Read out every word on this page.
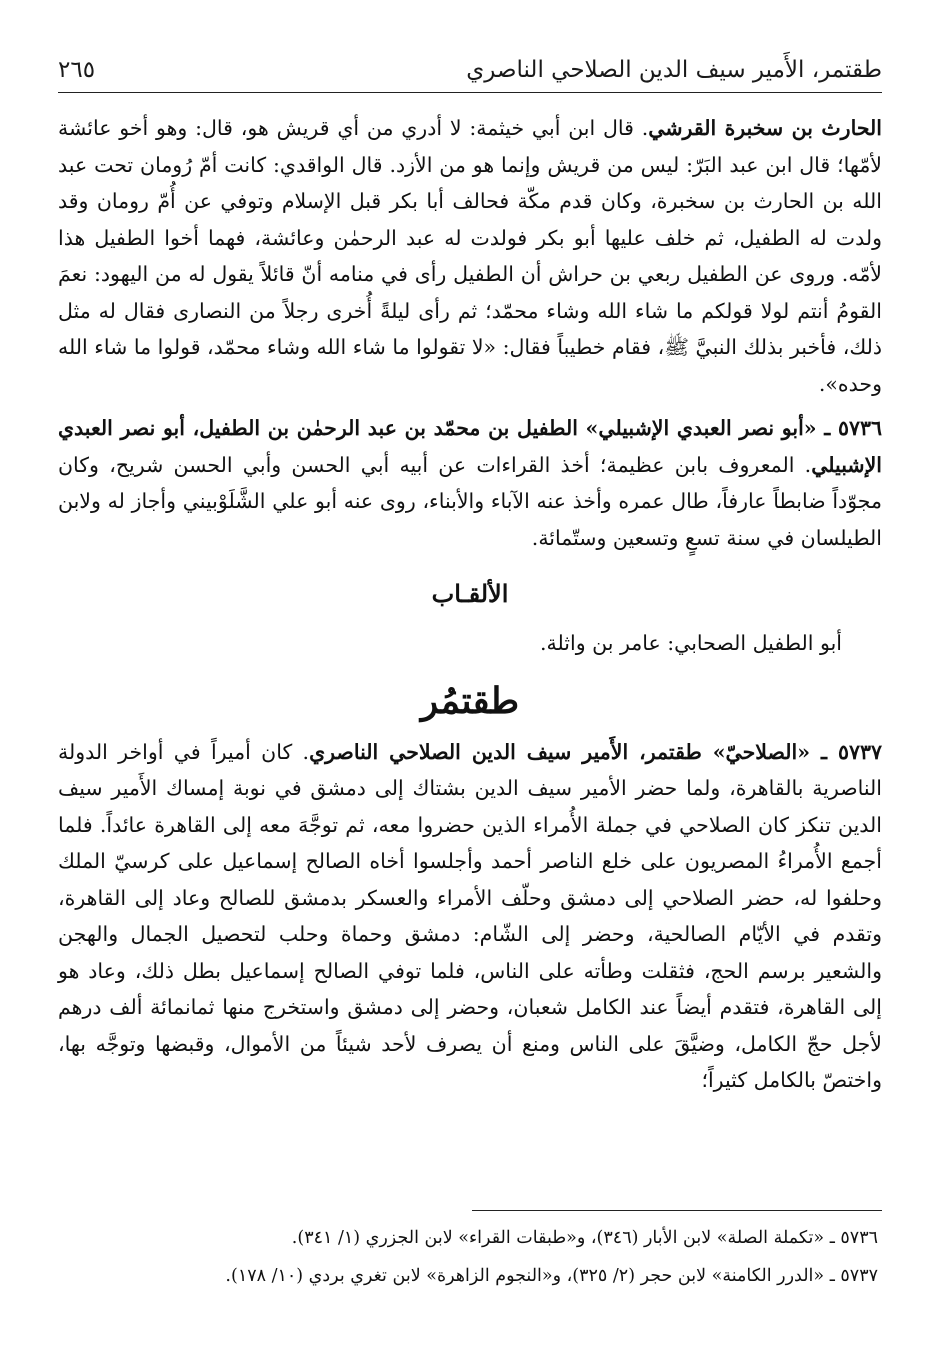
طقتمر، الأَمير سيف الدين الصلاحي الناصري
٢٦٥

الحارث بن سخبرة القرشي. قال ابن أبي خيثمة: لا أدري من أي قريش هو، قال: وهو أخو عائشة لأمّها؛ قال ابن عبد البَرّ: ليس من قريش وإنما هو من الأزد. قال الواقدي: كانت أمّ رُومان تحت عبد الله بن الحارث بن سخبرة، وكان قدم مكّة فحالف أبا بكر قبل الإسلام وتوفي عن أُمّ رومان وقد ولدت له الطفيل، ثم خلف عليها أبو بكر فولدت له عبد الرحمٰن وعائشة، فهما أخوا الطفيل هذا لأمّه. وروى عن الطفيل ربعي بن حراش أن الطفيل رأى في منامه أنّ قائلاً يقول له من اليهود: نعمَ القومُ أنتم لولا قولكم ما شاء الله وشاء محمّد؛ ثم رأى ليلةً أُخرى رجلاً من النصارى فقال له مثل ذلك، فأخبر بذلك النبيَّ ﷺ، فقام خطيباً فقال: «لا تقولوا ما شاء الله وشاء محمّد، قولوا ما شاء الله وحده».

٥٧٣٦ ـ «أبو نصر العبدي الإشبيلي» الطفيل بن محمّد بن عبد الرحمٰن بن الطفيل، أبو نصر العبدي الإشبيلي. المعروف بابن عظيمة؛ أخذ القراءات عن أبيه أبي الحسن وأبي الحسن شريح، وكان مجوّداً ضابطاً عارفاً، طال عمره وأخذ عنه الآباء والأبناء، روى عنه أبو علي الشَّلَوْبيني وأجاز له ولابن الطيلسان في سنة تسعٍ وتسعين وستّمائة.

الألقـاب

أبو الطفيل الصحابي: عامر بن واثلة.

طقتمُر

٥٧٣٧ ـ «الصلاحيّ» طقتمر، الأَمير سيف الدين الصلاحي الناصري. كان أميراً في أواخر الدولة الناصرية بالقاهرة، ولما حضر الأمير سيف الدين بشتاك إلى دمشق في نوبة إمساك الأَمير سيف الدين تنكز كان الصلاحي في جملة الأُمراء الذين حضروا معه، ثم توجَّهَ معه إلى القاهرة عائداً. فلما أجمع الأُمراءُ المصريون على خلع الناصر أحمد وأجلسوا أخاه الصالح إسماعيل على كرسيّ الملك وحلفوا له، حضر الصلاحي إلى دمشق وحلّف الأمراء والعسكر بدمشق للصالح وعاد إلى القاهرة، وتقدم في الأيّام الصالحية، وحضر إلى الشّام: دمشق وحماة وحلب لتحصيل الجمال والهجن والشعير برسم الحج، فثقلت وطأته على الناس، فلما توفي الصالح إسماعيل بطل ذلك، وعاد هو إلى القاهرة، فتقدم أيضاً عند الكامل شعبان، وحضر إلى دمشق واستخرج منها ثمانمائة ألف درهم لأجل حجّ الكامل، وضيَّقَ على الناس ومنع أن يصرف لأحد شيئاً من الأموال، وقبضها وتوجَّه بها، واختصّ بالكامل كثيراً؛

٥٧٣٦ ـ «تكملة الصلة» لابن الأبار (٣٤٦)، و«طبقات القراء» لابن الجزري (١/ ٣٤١).

٥٧٣٧ ـ «الدرر الكامنة» لابن حجر (٢/ ٣٢٥)، و«النجوم الزاهرة» لابن تغري بردي (١٠/ ١٧٨).
